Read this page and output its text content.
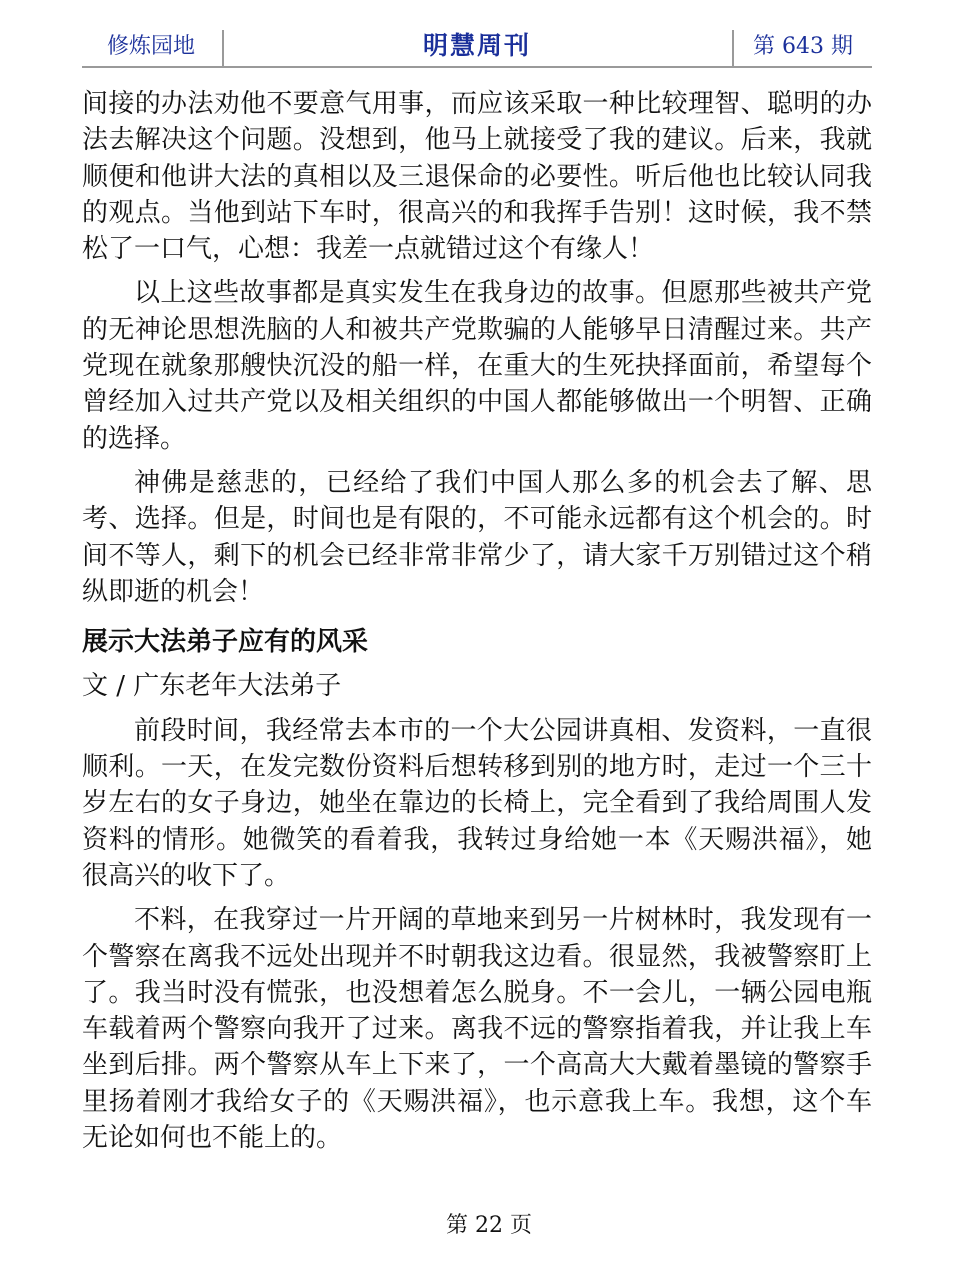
修炼园地	明慧周刊	第 643 期

间接的办法劝他不要意气用事，而应该采取一种比较理智、聪明的办法去解决这个问题。没想到，他马上就接受了我的建议。后来，我就顺便和他讲大法的真相以及三退保命的必要性。听后他也比较认同我的观点。当他到站下车时，很高兴的和我挥手告别！这时候，我不禁松了一口气，心想：我差一点就错过这个有缘人！

以上这些故事都是真实发生在我身边的故事。但愿那些被共产党的无神论思想洗脑的人和被共产党欺骗的人能够早日清醒过来。共产党现在就象那艘快沉没的船一样，在重大的生死抉择面前，希望每个曾经加入过共产党以及相关组织的中国人都能够做出一个明智、正确的选择。

神佛是慈悲的，已经给了我们中国人那么多的机会去了解、思考、选择。但是，时间也是有限的，不可能永远都有这个机会的。时间不等人，剩下的机会已经非常非常少了，请大家千万别错过这个稍纵即逝的机会！

展示大法弟子应有的风采

文 / 广东老年大法弟子

前段时间，我经常去本市的一个大公园讲真相、发资料，一直很顺利。一天，在发完数份资料后想转移到别的地方时，走过一个三十岁左右的女子身边，她坐在靠边的长椅上，完全看到了我给周围人发资料的情形。她微笑的看着我，我转过身给她一本《天赐洪福》，她很高兴的收下了。

不料，在我穿过一片开阔的草地来到另一片树林时，我发现有一个警察在离我不远处出现并不时朝我这边看。很显然，我被警察盯上了。我当时没有慌张，也没想着怎么脱身。不一会儿，一辆公园电瓶车载着两个警察向我开了过来。离我不远的警察指着我，并让我上车坐到后排。两个警察从车上下来了，一个高高大大戴着墨镜的警察手里扬着刚才我给女子的《天赐洪福》，也示意我上车。我想，这个车无论如何也不能上的。

第 22 页
